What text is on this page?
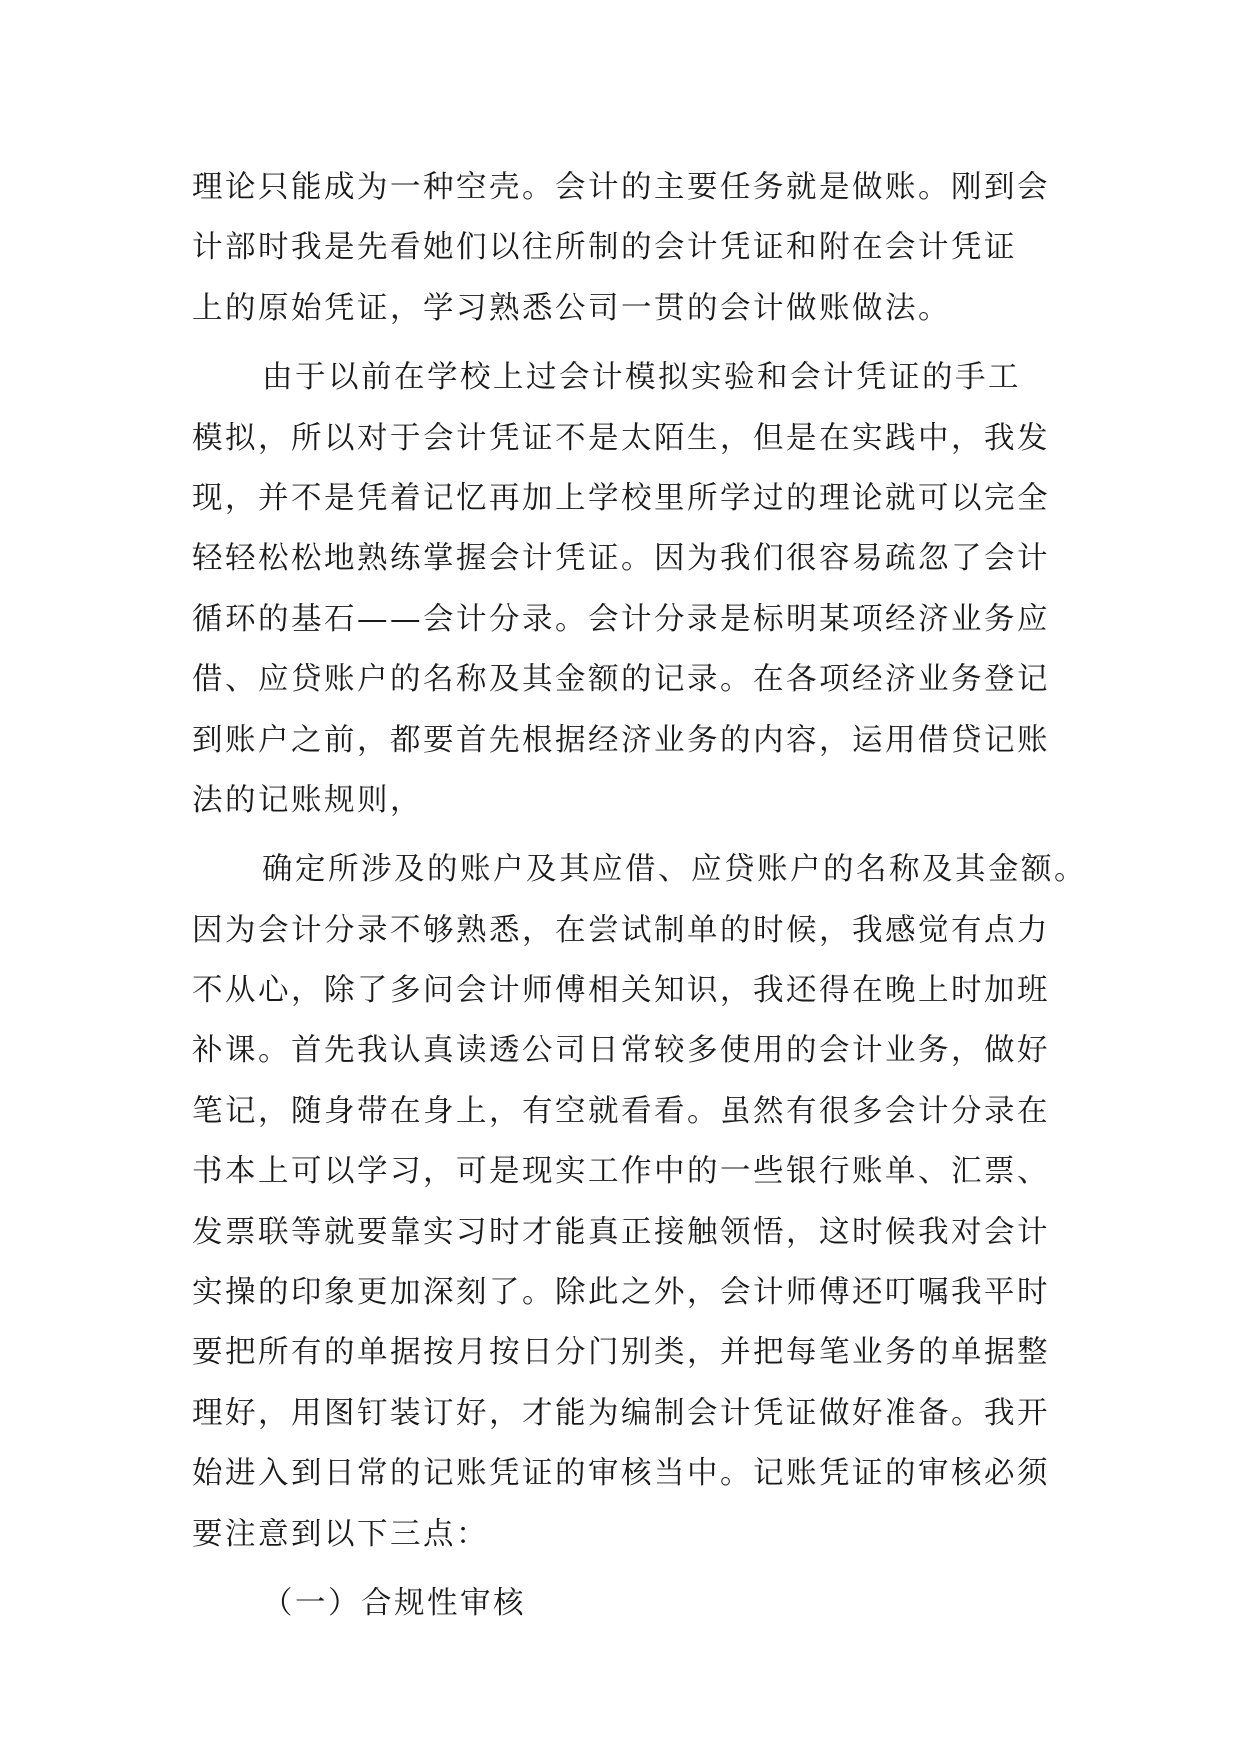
理论只能成为一种空壳。会计的主要任务就是做账。刚到会
计部时我是先看她们以往所制的会计凭证和附在会计凭证
上的原始凭证，学习熟悉公司一贯的会计做账做法。
由于以前在学校上过会计模拟实验和会计凭证的手工
模拟，所以对于会计凭证不是太陌生，但是在实践中，我发
现，并不是凭着记忆再加上学校里所学过的理论就可以完全
轻轻松松地熟练掌握会计凭证。因为我们很容易疏忽了会计
循环的基石——会计分录。会计分录是标明某项经济业务应
借、应贷账户的名称及其金额的记录。在各项经济业务登记
到账户之前，都要首先根据经济业务的内容，运用借贷记账
法的记账规则，
确定所涉及的账户及其应借、应贷账户的名称及其金额。
因为会计分录不够熟悉，在尝试制单的时候，我感觉有点力
不从心，除了多问会计师傅相关知识，我还得在晚上时加班
补课。首先我认真读透公司日常较多使用的会计业务，做好
笔记，随身带在身上，有空就看看。虽然有很多会计分录在
书本上可以学习，可是现实工作中的一些银行账单、汇票、
发票联等就要靠实习时才能真正接触领悟，这时候我对会计
实操的印象更加深刻了。除此之外，会计师傅还叮嘱我平时
要把所有的单据按月按日分门别类，并把每笔业务的单据整
理好，用图钉装订好，才能为编制会计凭证做好准备。我开
始进入到日常的记账凭证的审核当中。记账凭证的审核必须
要注意到以下三点：
（一）合规性审核
